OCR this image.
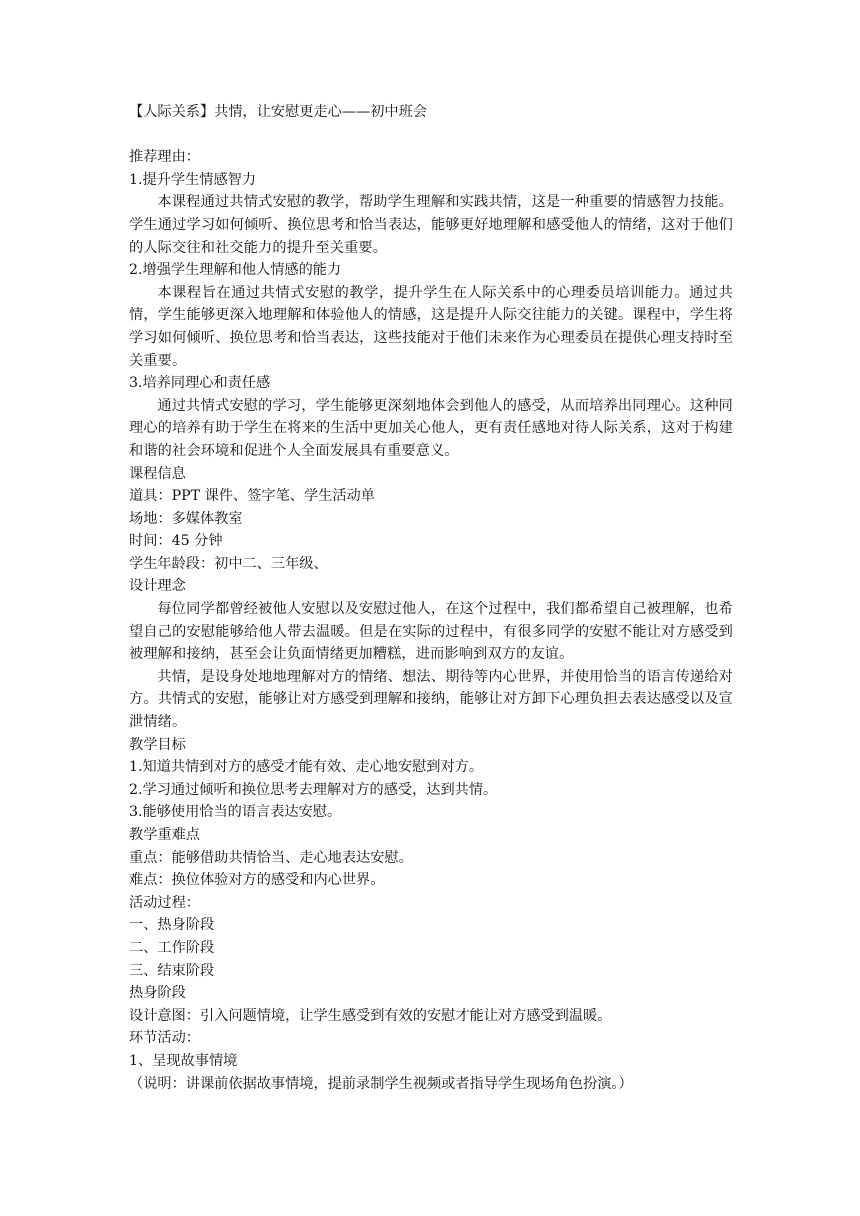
【人际关系】共情，让安慰更走心——初中班会

推荐理由：

1.提升学生情感智力

本课程通过共情式安慰的教学，帮助学生理解和实践共情，这是一种重要的情感智力技能。学生通过学习如何倾听、换位思考和恰当表达，能够更好地理解和感受他人的情绪，这对于他们的人际交往和社交能力的提升至关重要。

2.增强学生理解和他人情感的能力

本课程旨在通过共情式安慰的教学，提升学生在人际关系中的心理委员培训能力。通过共情，学生能够更深入地理解和体验他人的情感，这是提升人际交往能力的关键。课程中，学生将学习如何倾听、换位思考和恰当表达，这些技能对于他们未来作为心理委员在提供心理支持时至关重要。

3.培养同理心和责任感

通过共情式安慰的学习，学生能够更深刻地体会到他人的感受，从而培养出同理心。这种同理心的培养有助于学生在将来的生活中更加关心他人，更有责任感地对待人际关系，这对于构建和谐的社会环境和促进个人全面发展具有重要意义。

课程信息

道具：PPT 课件、签字笔、学生活动单

场地：多媒体教室

时间：45 分钟

学生年龄段：初中二、三年级、

设计理念

每位同学都曾经被他人安慰以及安慰过他人，在这个过程中，我们都希望自己被理解，也希望自己的安慰能够给他人带去温暖。但是在实际的过程中，有很多同学的安慰不能让对方感受到被理解和接纳，甚至会让负面情绪更加糟糕，进而影响到双方的友谊。

共情，是设身处地地理解对方的情绪、想法、期待等内心世界，并使用恰当的语言传递给对方。共情式的安慰，能够让对方感受到理解和接纳，能够让对方卸下心理负担去表达感受以及宣泄情绪。

教学目标

1.知道共情到对方的感受才能有效、走心地安慰到对方。

2.学习通过倾听和换位思考去理解对方的感受，达到共情。

3.能够使用恰当的语言表达安慰。

教学重难点

重点：能够借助共情恰当、走心地表达安慰。

难点：换位体验对方的感受和内心世界。

活动过程：

一、热身阶段

二、工作阶段

三、结束阶段

热身阶段

设计意图：引入问题情境，让学生感受到有效的安慰才能让对方感受到温暖。

环节活动：

1、呈现故事情境

（说明：讲课前依据故事情境，提前录制学生视频或者指导学生现场角色扮演。）
